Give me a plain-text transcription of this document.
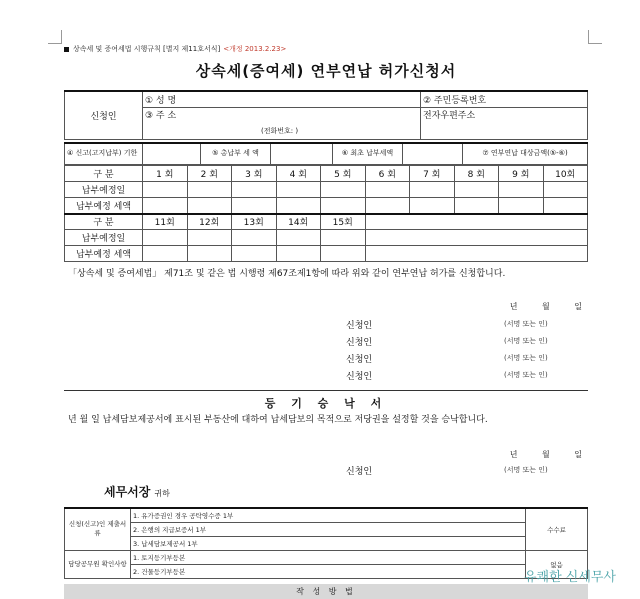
상속세 및 증여세법 시행규칙 [별지 제11호서식] <개정 2013.2.23>
상속세(증여세) 연부연납 허가신청서
신청인	① 성 명	② 주민등록번호
	③ 주 소
(전화번호: )	전자우편주소
④ 신고(고지납부) 기한		⑤ 총납부 세 액		⑥ 최초 납부세액		⑦ 연부연납 대상금액(⑤-⑥)
구 분	1 회	2 회	3 회	4 회	5 회	6 회	7 회	8 회	9 회	10회
납부예정일										
납부예정 세액										
구 분	11회	12회	13회	14회	15회					
납부예정일										
납부예정 세액										
「상속세 및 증여세법」 제71조 및 같은 법 시행령 제67조제1항에 따라 위와 같이 연부연납 허가를 신청합니다.
년 월 일
신청인	(서명 또는 인)
신청인	(서명 또는 인)
신청인	(서명 또는 인)
신청인	(서명 또는 인)
등 기 승 낙 서
년 월 일 납세담보제공서에 표시된 부동산에 대하여 납세담보의 목적으로 저당권을 설정할 것을 승낙합니다.
년 월 일
신청인	(서명 또는 인)
세무서장 귀하
신청(신고)인 제출서류	1. 유가증권인 경우 공탁영수증 1부	수수료
	2. 은행의 지급보증서 1부	
	3. 납세담보제공서 1부	
담당공무원 확인사항	1. 토지등기부등본	없음
	2. 건물등기부등본	
작 성 방 법
유쾌한 신세무사
